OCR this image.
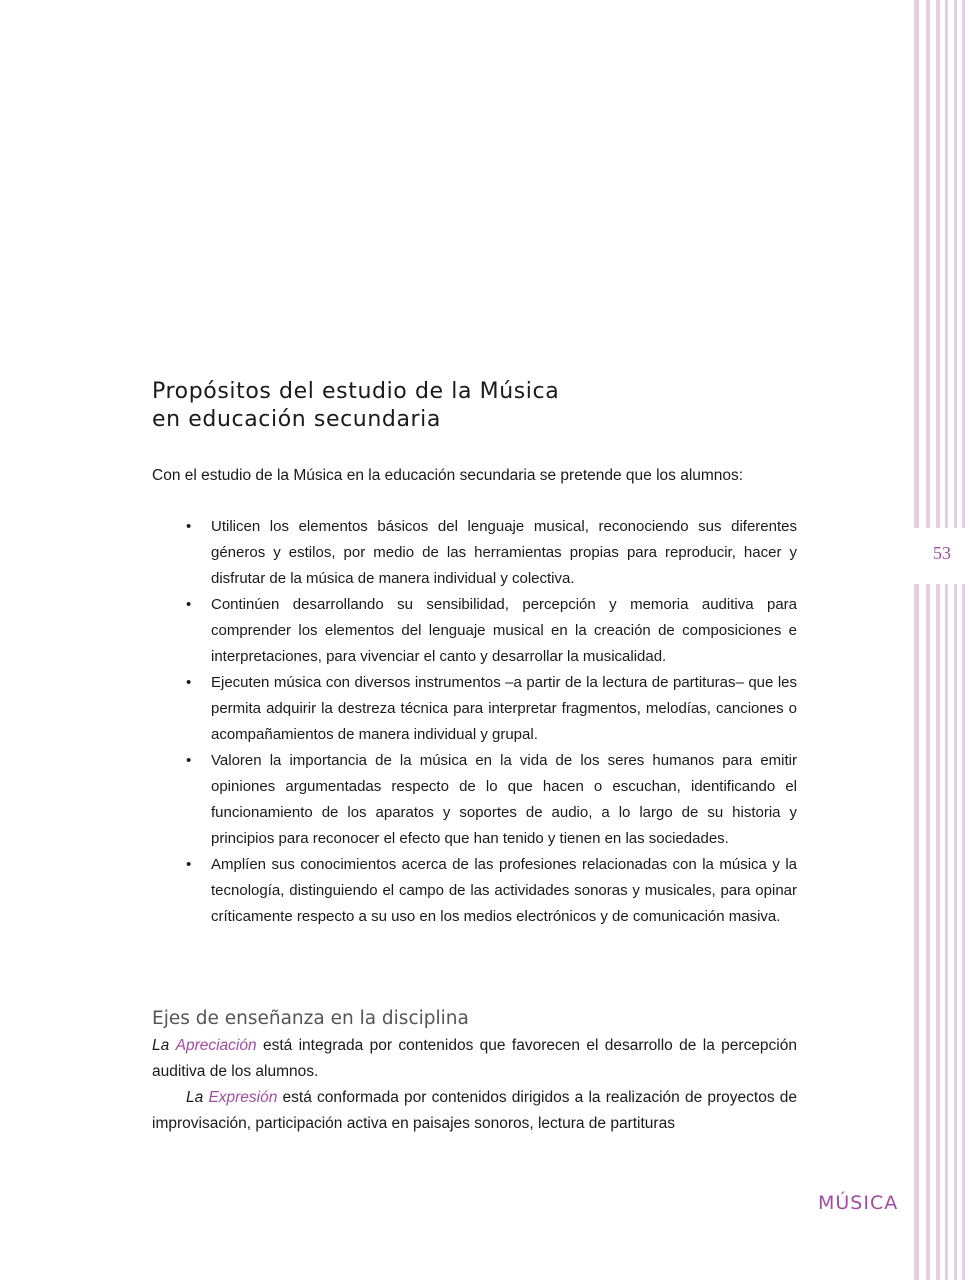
53
Propósitos del estudio de la Música
en educación secundaria

Con el estudio de la Música en la educación secundaria se pretende que los alumnos:

• Utilicen los elementos básicos del lenguaje musical, reconociendo sus diferentes géneros y estilos, por medio de las herramientas propias para reproducir, hacer y disfrutar de la música de manera individual y colectiva.
• Continúen desarrollando su sensibilidad, percepción y memoria auditiva para comprender los elementos del lenguaje musical en la creación de composiciones e interpretaciones, para vivenciar el canto y desarrollar la musicalidad.
• Ejecuten música con diversos instrumentos –a partir de la lectura de partituras– que les permita adquirir la destreza técnica para interpretar fragmentos, melodías, canciones o acompañamientos de manera individual y grupal.
• Valoren la importancia de la música en la vida de los seres humanos para emitir opiniones argumentadas respecto de lo que hacen o escuchan, identificando el funcionamiento de los aparatos y soportes de audio, a lo largo de su historia y principios para reconocer el efecto que han tenido y tienen en las sociedades.
• Amplíen sus conocimientos acerca de las profesiones relacionadas con la música y la tecnología, distinguiendo el campo de las actividades sonoras y musicales, para opinar críticamente respecto a su uso en los medios electrónicos y de comunicación masiva.
Ejes de enseñanza en la disciplina

La Apreciación está integrada por contenidos que favorecen el desarrollo de la percepción auditiva de los alumnos.

La Expresión está conformada por contenidos dirigidos a la realización de proyectos de improvisación, participación activa en paisajes sonoros, lectura de partituras

MÚSICA
